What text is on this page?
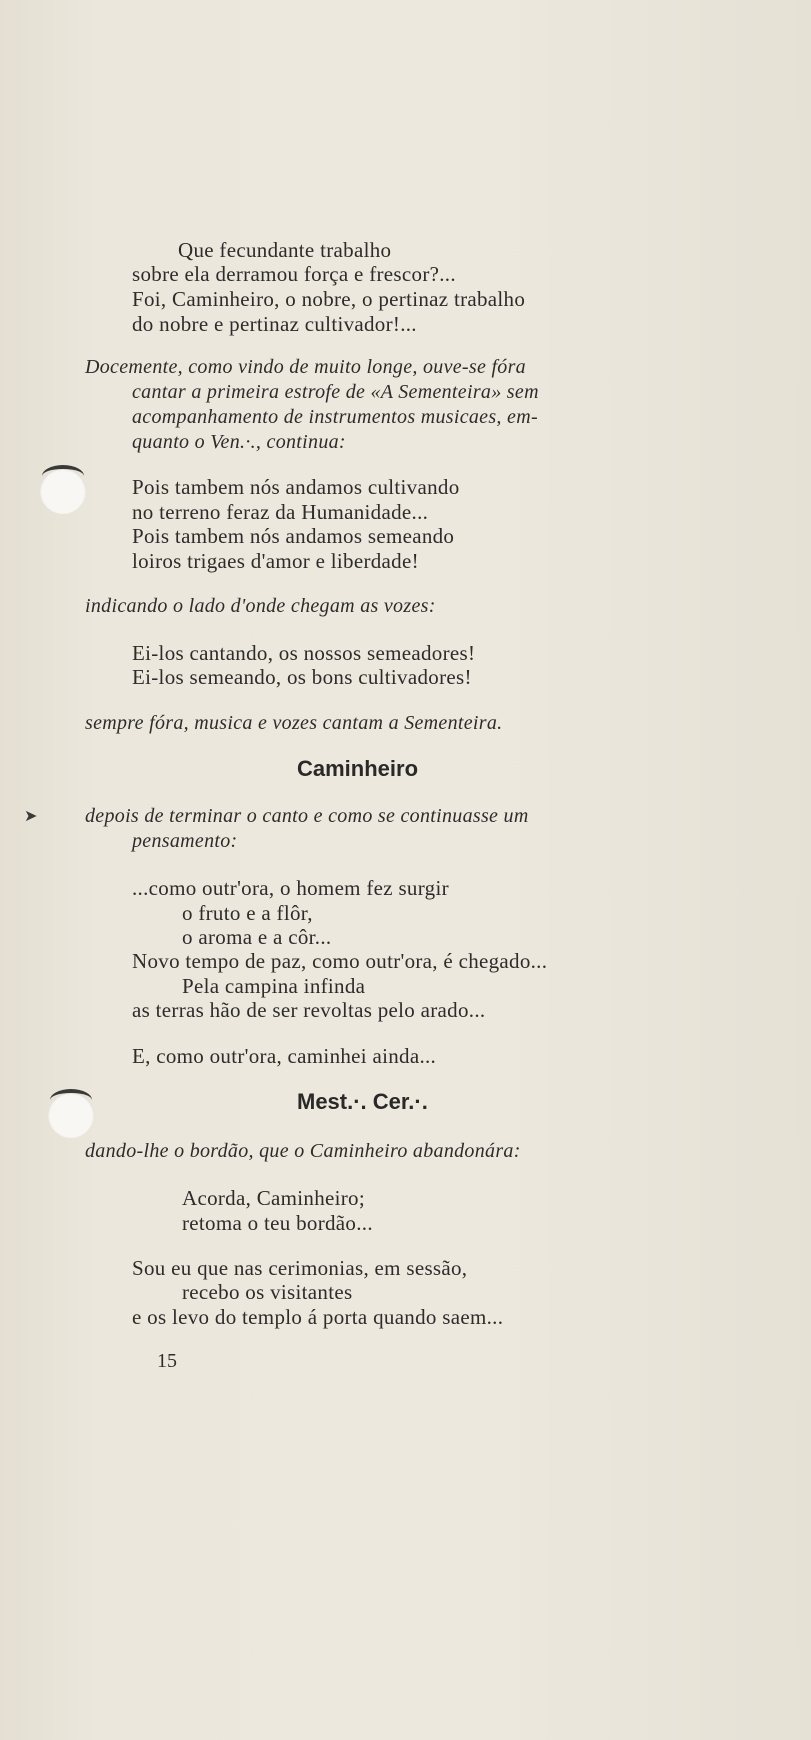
➤
Que fecundante trabalho
sobre ela derramou força e frescor?...
Foi, Caminheiro, o nobre, o pertinaz trabalho
do nobre e pertinaz cultivador!...
Docemente, como vindo de muito longe, ouve-se fóra
cantar a primeira estrofe de «A Sementeira» sem
acompanhamento de instrumentos musicaes, em-
quanto o Ven.·., continua:
Pois tambem nós andamos cultivando
no terreno feraz da Humanidade...
Pois tambem nós andamos semeando
loiros trigaes d'amor e liberdade!
indicando o lado d'onde chegam as vozes:
Ei-los cantando, os nossos semeadores!
Ei-los semeando, os bons cultivadores!
sempre fóra, musica e vozes cantam a Sementeira.
Caminheiro
depois de terminar o canto e como se continuasse um
pensamento:
...como outr'ora, o homem fez surgir
o fruto e a flôr,
o aroma e a côr...
Novo tempo de paz, como outr'ora, é chegado...
Pela campina infinda
as terras hão de ser revoltas pelo arado...
E, como outr'ora, caminhei ainda...
Mest.·. Cer.·.
dando-lhe o bordão, que o Caminheiro abandonára:
Acorda, Caminheiro;
retoma o teu bordão...
Sou eu que nas cerimonias, em sessão,
recebo os visitantes
e os levo do templo á porta quando saem...
15
